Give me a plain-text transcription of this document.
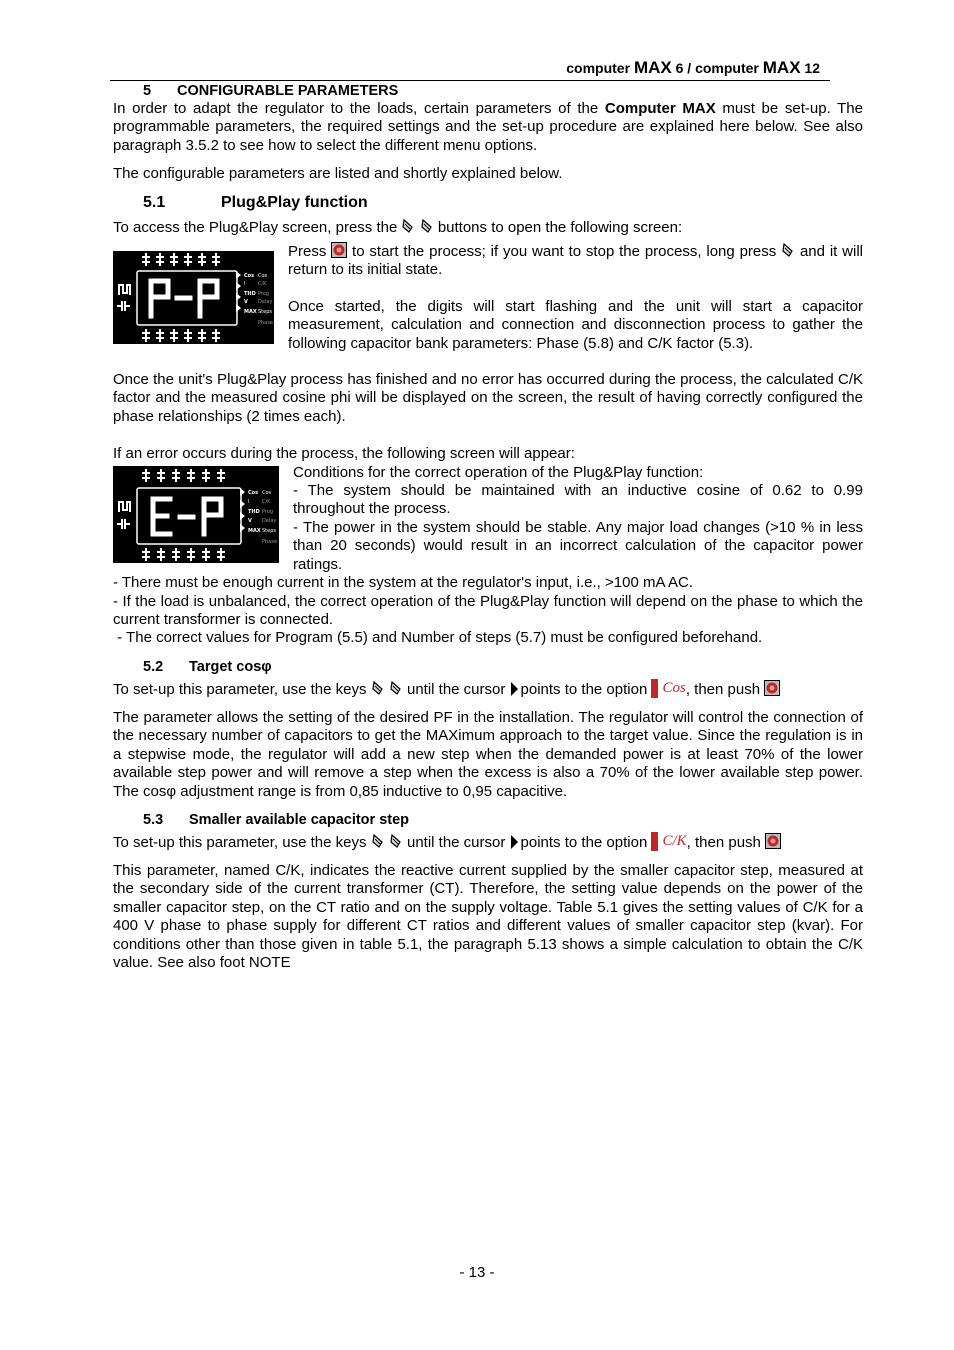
computer MAX 6 / computer MAX 12
5 CONFIGURABLE PARAMETERS
In order to adapt the regulator to the loads, certain parameters of the Computer MAX must be set-up. The programmable parameters, the required settings and the set-up procedure are explained here below. See also paragraph 3.5.2 to see how to select the different menu options.
The configurable parameters are listed and shortly explained below.
5.1	Plug&Play function
To access the Plug&Play screen, press the   buttons to open the following screen:
Cos Cos
I	C/K
THD Prog
V Delay
MAX Steps
Phase
Press  to start the process; if you want to stop the process, long press  and it will return to its initial state.
Once started, the digits will start flashing and the unit will start a capacitor measurement, calculation and connection and disconnection process to gather the following capacitor bank parameters: Phase (5.8) and C/K factor (5.3).
Once the unit's Plug&Play process has finished and no error has occurred during the process, the calculated C/K factor and the measured cosine phi will be displayed on the screen, the result of having correctly configured the phase relationships (2 times each).
If an error occurs during the process, the following screen will appear:
Cos Cos
I	C/K
THD Prog
V Delay
MAX Steps
Phase
Conditions for the correct operation of the Plug&Play function:
- The system should be maintained with an inductive cosine of 0.62 to 0.99 throughout the process.
- The power in the system should be stable. Any major load changes (>10 % in less than 20 seconds) would result in an incorrect calculation of the capacitor power ratings.
- There must be enough current in the system at the regulator's input, i.e., >100 mA AC.
- If the load is unbalanced, the correct operation of the Plug&Play function will depend on the phase to which the current transformer is connected.
- The correct values for Program (5.5) and Number of steps (5.7) must be configured beforehand.
5.2 Target cosφ
To set-up this parameter, use the keys   until the cursor points to the option Cos, then push
The parameter allows the setting of the desired PF in the installation. The regulator will control the connection of the necessary number of capacitors to get the MAXimum approach to the target value. Since the regulation is in a stepwise mode, the regulator will add a new step when the demanded power is at least 70% of the lower available step power and will remove a step when the excess is also a 70% of the lower available step power. The cosφ adjustment range is from 0,85 inductive to 0,95 capacitive.
5.3 Smaller available capacitor step
To set-up this parameter, use the keys   until the cursor points to the option C/K, then push
This parameter, named C/K, indicates the reactive current supplied by the smaller capacitor step, measured at the secondary side of the current transformer (CT). Therefore, the setting value depends on the power of the smaller capacitor step, on the CT ratio and on the supply voltage. Table 5.1 gives the setting values of C/K for a 400 V phase to phase supply for different CT ratios and different values of smaller capacitor step (kvar). For conditions other than those given in table 5.1, the paragraph 5.13 shows a simple calculation to obtain the C/K value. See also foot NOTE
- 13 -
